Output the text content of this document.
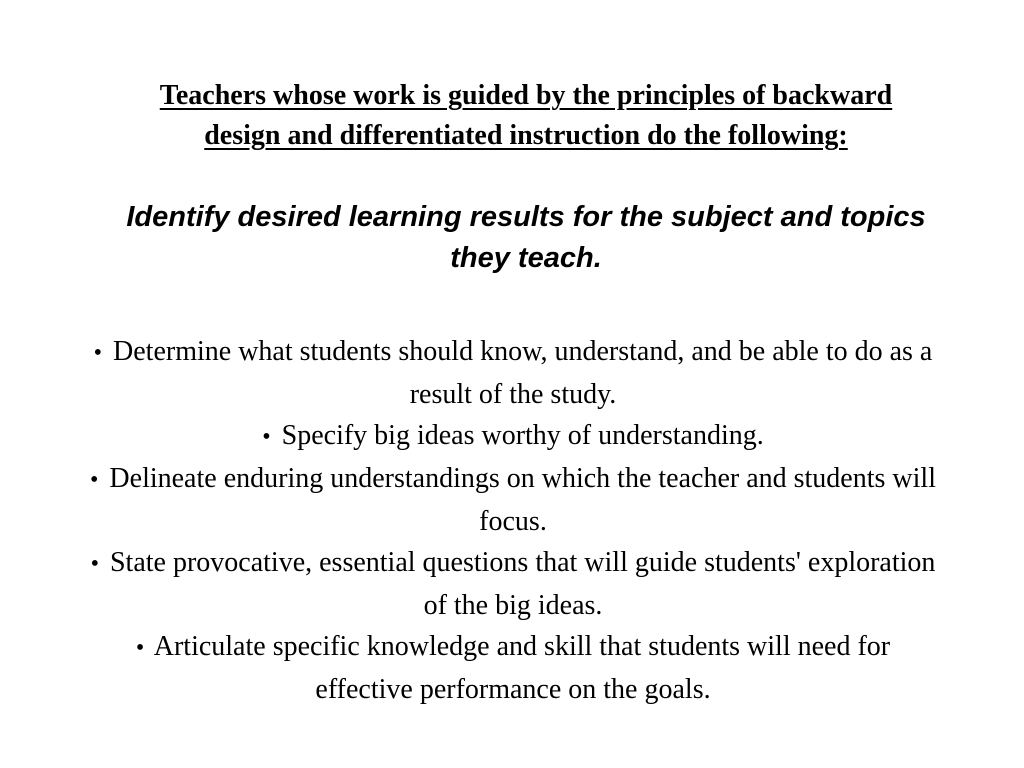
Teachers whose work is guided by the principles of backward design and differentiated instruction do the following:
Identify desired learning results for the subject and topics they teach.
• Determine what students should know, understand, and be able to do as a result of the study.
• Specify big ideas worthy of understanding.
• Delineate enduring understandings on which the teacher and students will focus.
• State provocative, essential questions that will guide students' exploration of the big ideas.
• Articulate specific knowledge and skill that students will need for effective performance on the goals.
